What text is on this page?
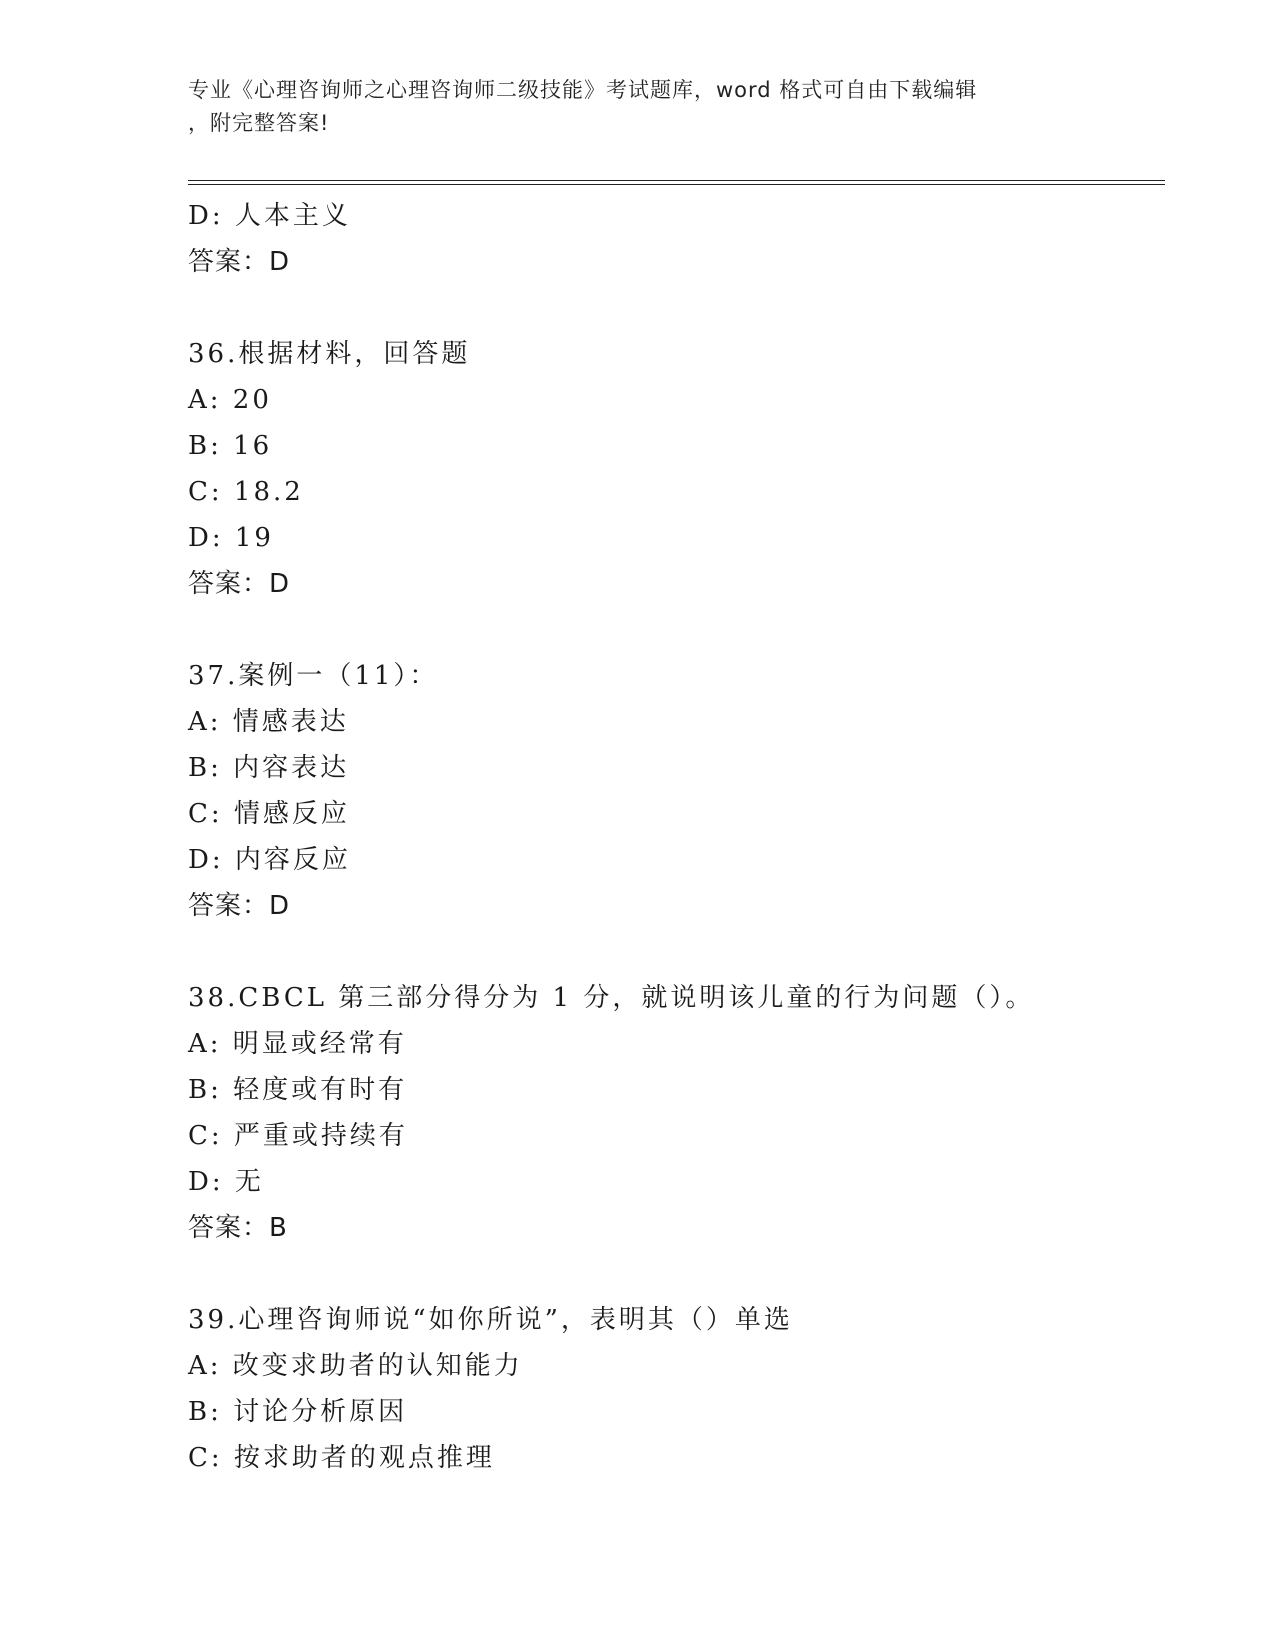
专业《心理咨询师之心理咨询师二级技能》考试题库，word 格式可自由下载编辑
，附完整答案!
D: 人本主义
答案：D
36.根据材料，回答题
A: 20
B: 16
C: 18.2
D: 19
答案：D
37.案例一（11）：
A: 情感表达
B: 内容表达
C: 情感反应
D: 内容反应
答案：D
38.CBCL 第三部分得分为 1 分，就说明该儿童的行为问题（）。
A: 明显或经常有
B: 轻度或有时有
C: 严重或持续有
D: 无
答案：B
39.心理咨询师说“如你所说”，表明其（）单选
A: 改变求助者的认知能力
B: 讨论分析原因
C: 按求助者的观点推理
